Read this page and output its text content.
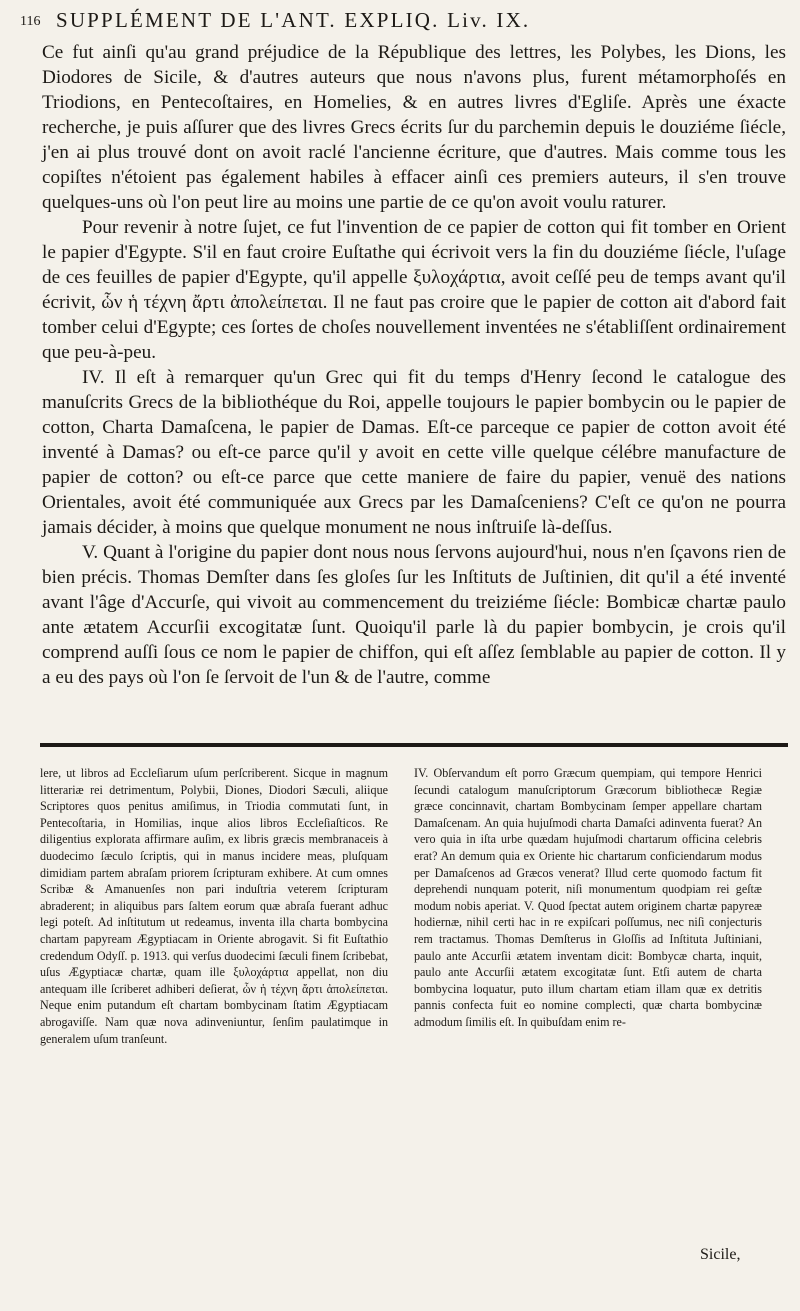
116 SUPPLÉMENT DE L'ANT. EXPLIQ. Liv. IX.

Ce fut ainſi qu'au grand préjudice de la République des lettres, les Polybes, les Dions, les Diodores de Sicile, & d'autres auteurs que nous n'avons plus, furent métamorphoſés en Triodions, en Pentecoſtaires, en Homelies, & en autres livres d'Egliſe. Après une éxacte recherche, je puis aſſurer que des livres Grecs écrits ſur du parchemin depuis le douziéme ſiécle, j'en ai plus trouvé dont on avoit raclé l'ancienne écriture, que d'autres. Mais comme tous les copiſtes n'étoient pas également habiles à effacer ainſi ces premiers auteurs, il s'en trouve quelques-uns où l'on peut lire au moins une partie de ce qu'on avoit voulu raturer.

Pour revenir à notre ſujet, ce fut l'invention de ce papier de cotton qui fit tomber en Orient le papier d'Egypte. S'il en faut croire Euſtathe qui écrivoit vers la fin du douziéme ſiécle, l'uſage de ces feuilles de papier d'Egypte, qu'il appelle ξυλοχάρτια, avoit ceſſé peu de temps avant qu'il écrivit, ὧν ἡ τέχνη ἄρτι ἀπολείπεται. Il ne faut pas croire que le papier de cotton ait d'abord fait tomber celui d'Egypte; ces ſortes de choſes nouvellement inventées ne s'établiſſent ordinairement que peu-à-peu.

IV. Il eſt à remarquer qu'un Grec qui fit du temps d'Henry ſecond le catalogue des manuſcrits Grecs de la bibliothéque du Roi, appelle toujours le papier bombycin ou le papier de cotton, Charta Damaſcena, le papier de Damas. Eſt-ce parceque ce papier de cotton avoit été inventé à Damas? ou eſt-ce parce qu'il y avoit en cette ville quelque célébre manufacture de papier de cotton? ou eſt-ce parce que cette maniere de faire du papier, venuë des nations Orientales, avoit été communiquée aux Grecs par les Damaſceniens? C'eſt ce qu'on ne pourra jamais décider, à moins que quelque monument ne nous inſtruiſe là-deſſus.

V. Quant à l'origine du papier dont nous nous ſervons aujourd'hui, nous n'en ſçavons rien de bien précis. Thomas Demſter dans ſes gloſes ſur les Inſtituts de Juſtinien, dit qu'il a été inventé avant l'âge d'Accurſe, qui vivoit au commencement du treiziéme ſiécle: Bombicæ chartæ paulo ante ætatem Accurſii excogitatæ ſunt. Quoiqu'il parle là du papier bombycin, je crois qu'il comprend auſſi ſous ce nom le papier de chiffon, qui eſt aſſez ſemblable au papier de cotton. Il y a eu des pays où l'on ſe ſervoit de l'un & de l'autre, comme

lere, ut libros ad Eccleſiarum uſum perſcriberent. Sicque in magnum litterariæ rei detrimentum, Polybii, Diones, Diodori Sæculi, aliique Scriptores quos penitus amiſimus, in Triodia commutati ſunt, in Pentecoſtaria, in Homilias, inque alios libros Eccleſiaſticos. Re diligentius explorata affirmare auſim, ex libris græcis membranaceis à duodecimo ſæculo ſcriptis, qui in manus incidere meas, pluſquam dimidiam partem abraſam priorem ſcripturam exhibere. At cum omnes Scribæ & Amanuenſes non pari induſtria veterem ſcripturam abraderent; in aliquibus pars ſaltem eorum quæ abraſa fuerant adhuc legi poteſt. Ad inſtitutum ut redeamus, inventa illa charta bombycina chartam papyream Ægyptiacam in Oriente abrogavit. Si fit Euſtathio credendum Odyſſ. p. 1913. qui verſus duodecimi ſæculi finem ſcribebat, uſus Ægyptiacæ chartæ, quam ille ξυλοχάρτια appellat, non diu antequam ille ſcriberet adhiberi deſierat, ὧν ἡ τέχνη ἄρτι ἀπολείπεται. Neque enim putandum eſt chartam bombycinam ſtatim Ægyptiacam abrogaviſſe. Nam quæ nova adinveniuntur, ſenſim paulatimque in generalem uſum tranſeunt.

IV. Obſervandum eſt porro Græcum quempiam, qui tempore Henrici ſecundi catalogum manuſcriptorum Græcorum bibliothecæ Regiæ græce concinnavit, chartam Bombycinam ſemper appellare chartam Damaſcenam. An quia hujuſmodi charta Damaſci adinventa fuerat? An vero quia in iſta urbe quædam hujuſmodi chartarum officina celebris erat? An demum quia ex Oriente hic chartarum conficiendarum modus per Damaſcenos ad Græcos venerat? Illud certe quomodo factum fit deprehendi nunquam poterit, niſi monumentum quodpiam rei geſtæ modum nobis aperiat. V. Quod ſpectat autem originem chartæ papyreæ hodiernæ, nihil certi hac in re expiſcari poſſumus, nec niſi conjecturis rem tractamus. Thomas Demſterus in Gloſſis ad Inſtituta Juſtiniani, paulo ante Accurſii ætatem inventam dicit: Bombycæ charta, inquit, paulo ante Accurſii ætatem excogitatæ ſunt. Etſi autem de charta bombycina loquatur, puto illum chartam etiam illam quæ ex detritis pannis confecta fuit eo nomine complecti, quæ charta bombycinæ admodum ſimilis eſt. In quibuſdam enim re-

Sicile,
